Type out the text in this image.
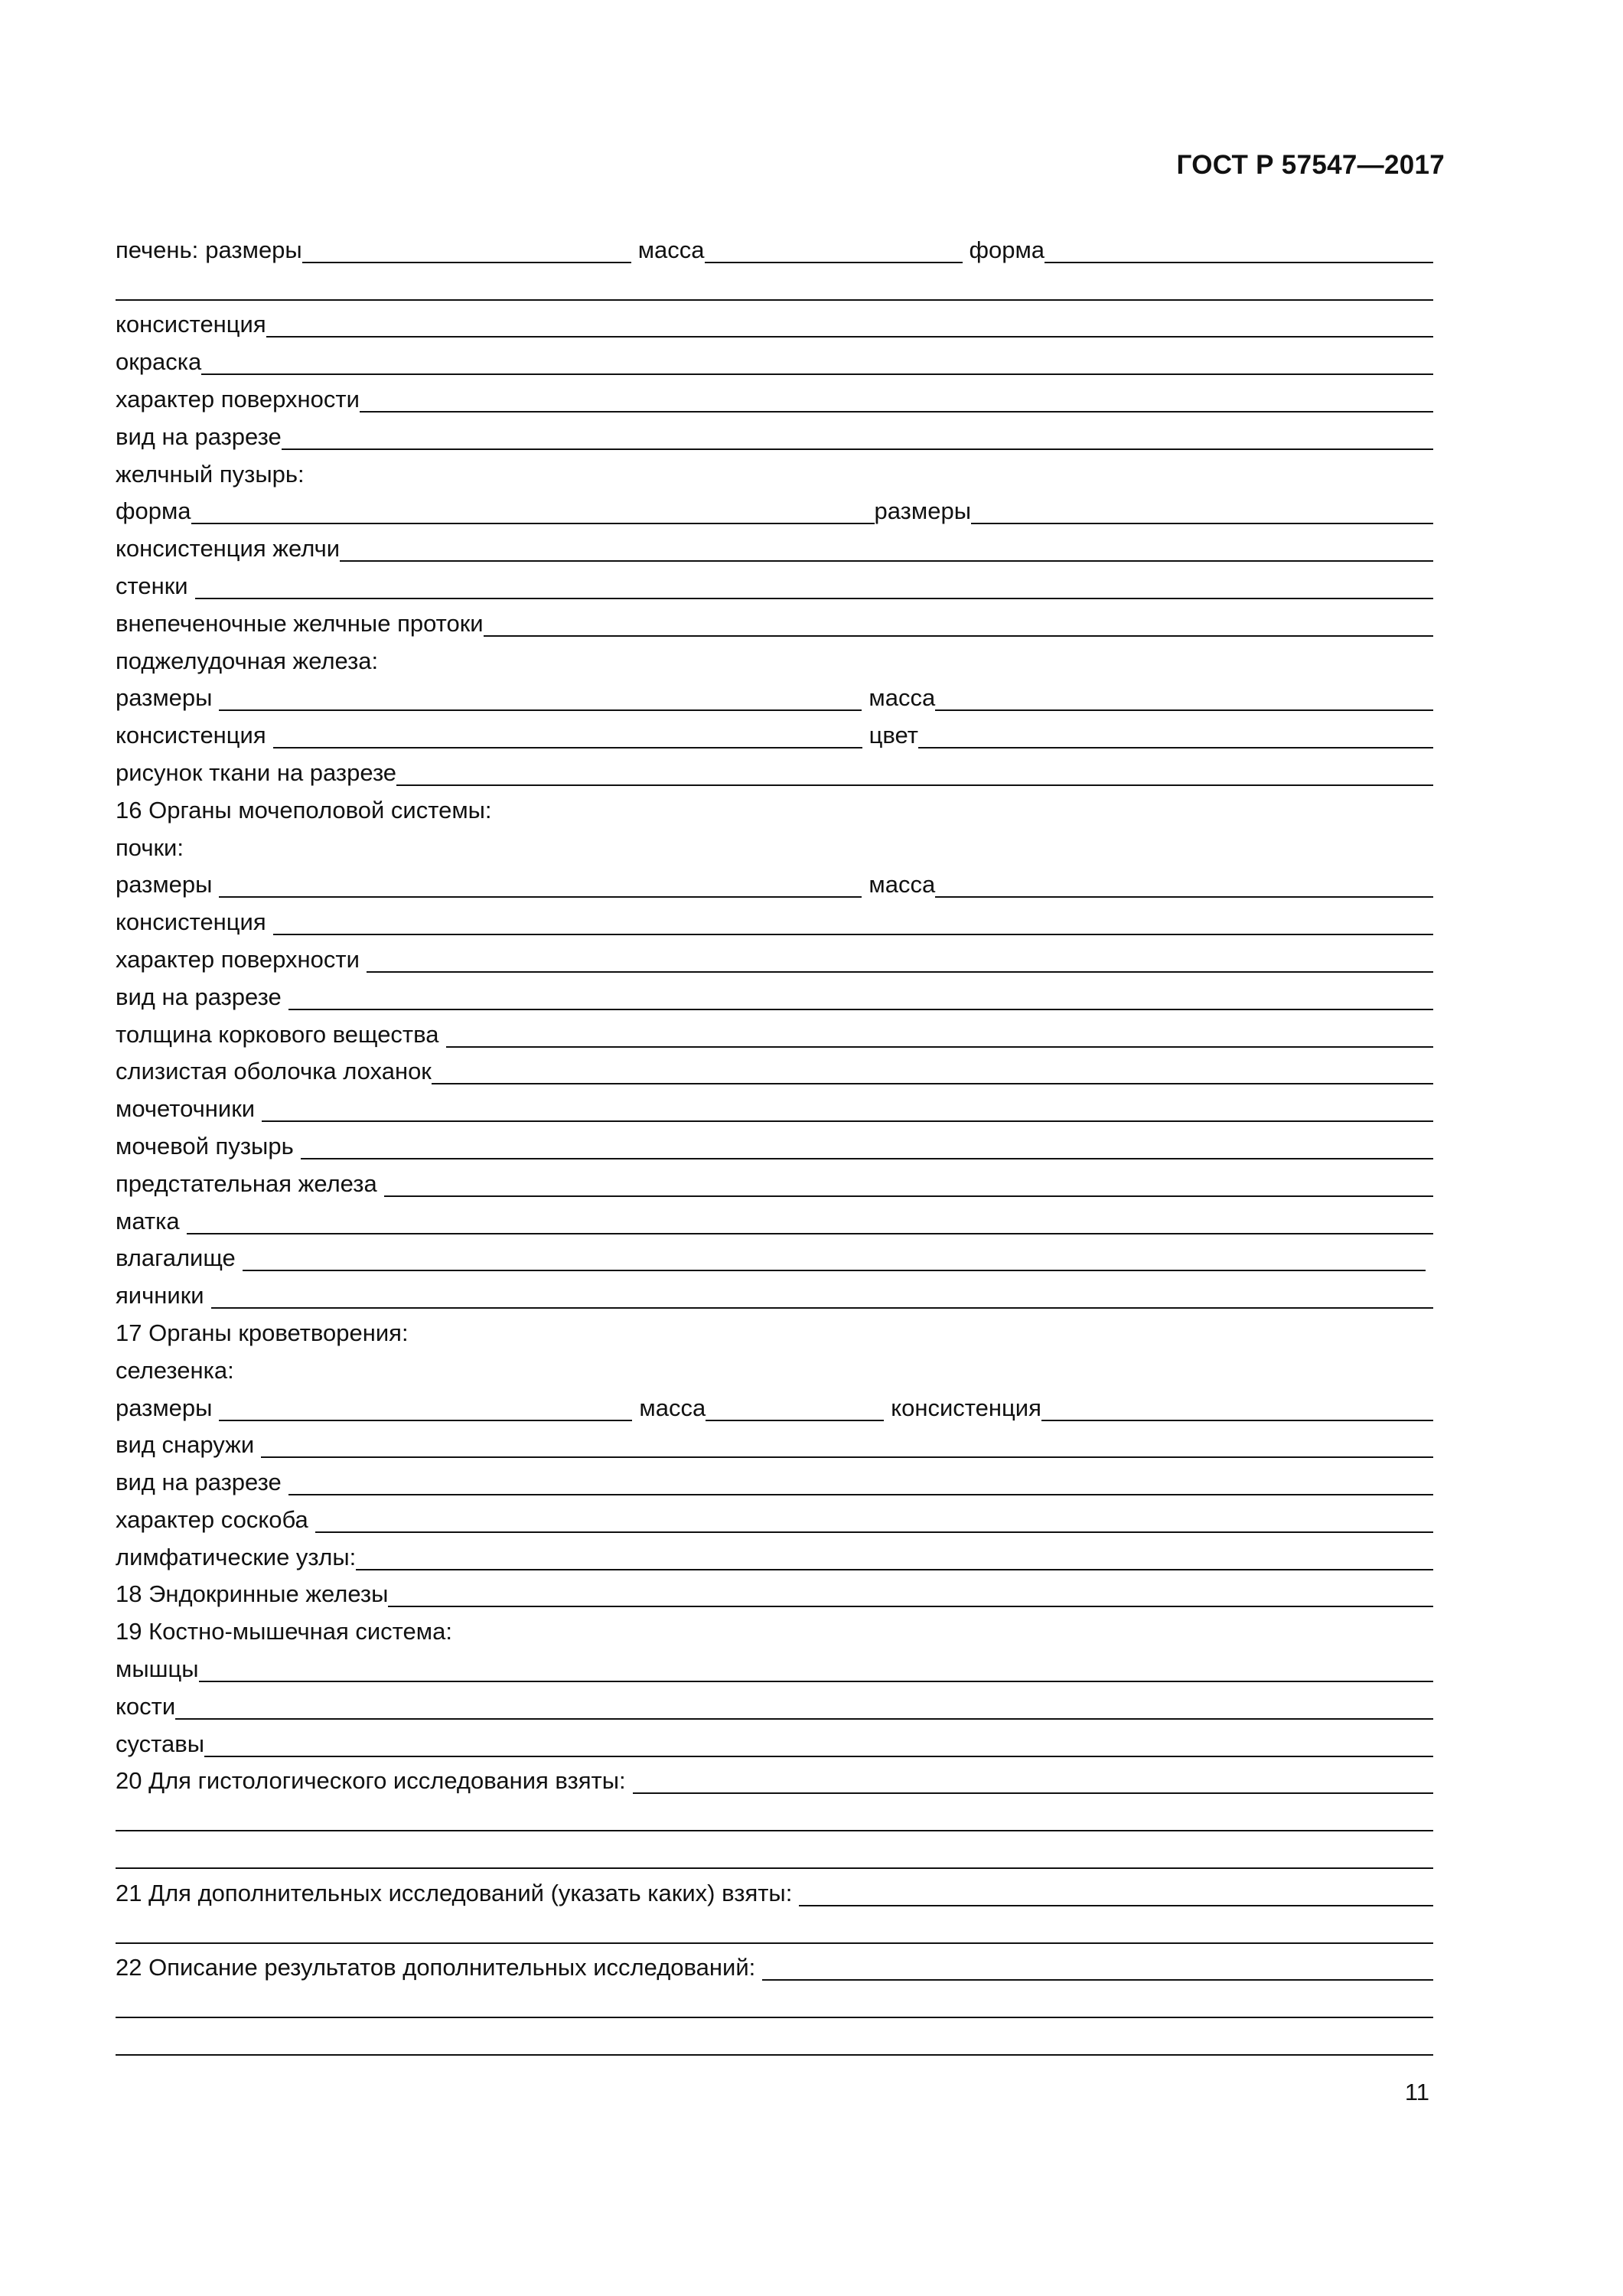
ГОСТ Р 57547—2017
печень: размеры	масса	форма
консистенция
окраска
характер поверхности
вид на разрезе
желчный пузырь:
форма	размеры
консистенция желчи
стенки
внепеченочные желчные протоки
поджелудочная железа:
размеры	масса
консистенция	цвет
рисунок ткани на разрезе
16 Органы мочеполовой системы:
почки:
размеры	масса
консистенция
характер поверхности
вид на разрезе
толщина коркового вещества
слизистая оболочка лоханок
мочеточники
мочевой пузырь
предстательная железа
матка
влагалище
яичники
17 Органы кроветворения:
селезенка:
размеры	масса	консистенция
вид снаружи
вид на разрезе
характер соскоба
лимфатические узлы:
18 Эндокринные железы
19 Костно-мышечная система:
мышцы
кости
суставы
20 Для гистологического исследования взяты:
21 Для дополнительных исследований (указать каких) взяты:
22 Описание результатов дополнительных исследований:
11
